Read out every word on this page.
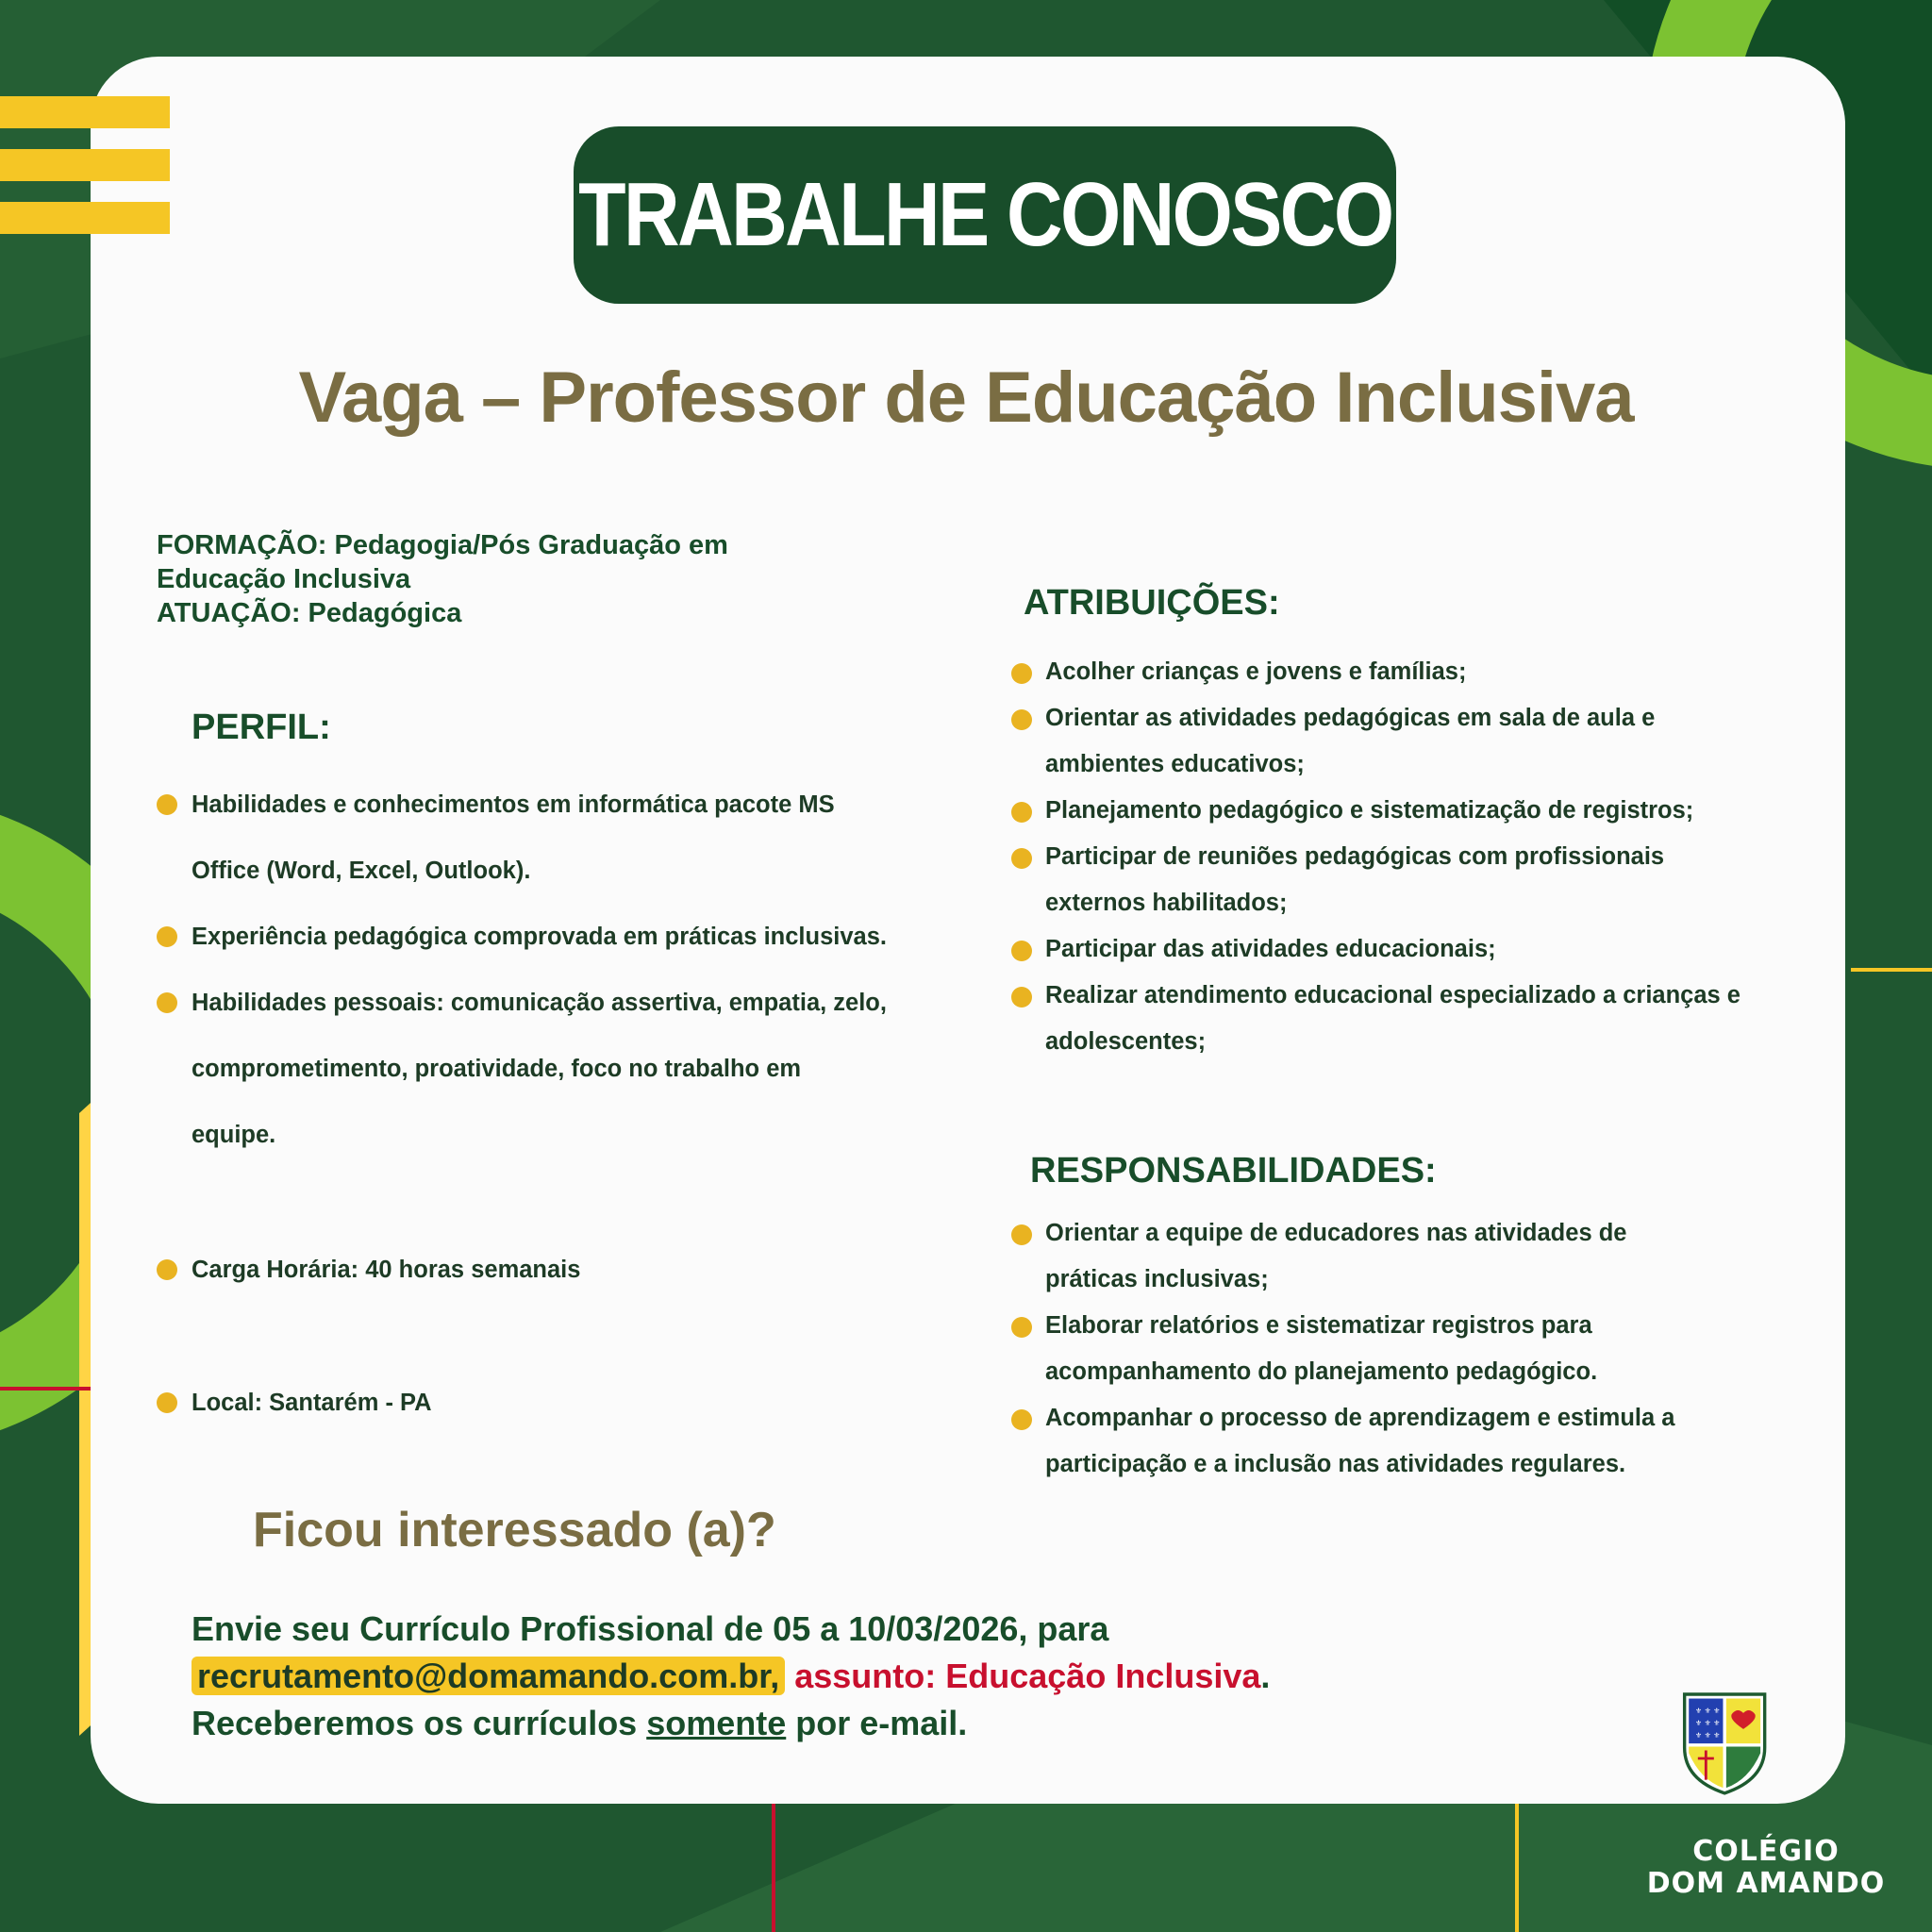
TRABALHE CONOSCO
Vaga – Professor de Educação Inclusiva
FORMAÇÃO: Pedagogia/Pós Graduação em
Educação Inclusiva
ATUAÇÃO: Pedagógica
PERFIL:
Habilidades e conhecimentos em informática pacote MS
Office (Word, Excel, Outlook).
Experiência pedagógica comprovada em práticas inclusivas.
Habilidades pessoais: comunicação assertiva, empatia, zelo,
comprometimento, proatividade, foco no trabalho em
equipe.
Carga Horária: 40 horas semanais
Local: Santarém - PA
ATRIBUIÇÕES:
Acolher crianças e jovens e famílias;
Orientar as atividades pedagógicas em sala de aula e
ambientes educativos;
Planejamento pedagógico e sistematização de registros;
Participar de reuniões pedagógicas com profissionais
externos habilitados;
Participar das atividades educacionais;
Realizar atendimento educacional especializado a crianças e
adolescentes;
RESPONSABILIDADES:
Orientar a equipe de educadores nas atividades de
práticas inclusivas;
Elaborar relatórios e sistematizar registros para
acompanhamento do planejamento pedagógico.
Acompanhar o processo de aprendizagem e estimula a
participação e a inclusão nas atividades regulares.
Ficou interessado (a)?
Envie seu Currículo Profissional de 05 a 10/03/2026, para
recrutamento@domamando.com.br, assunto: Educação Inclusiva.
Receberemos os currículos somente por e-mail.	⚜ ⚜ ⚜
⚜ ⚜ ⚜
⚜ ⚜ ⚜
COLÉGIO
DOM AMANDO
